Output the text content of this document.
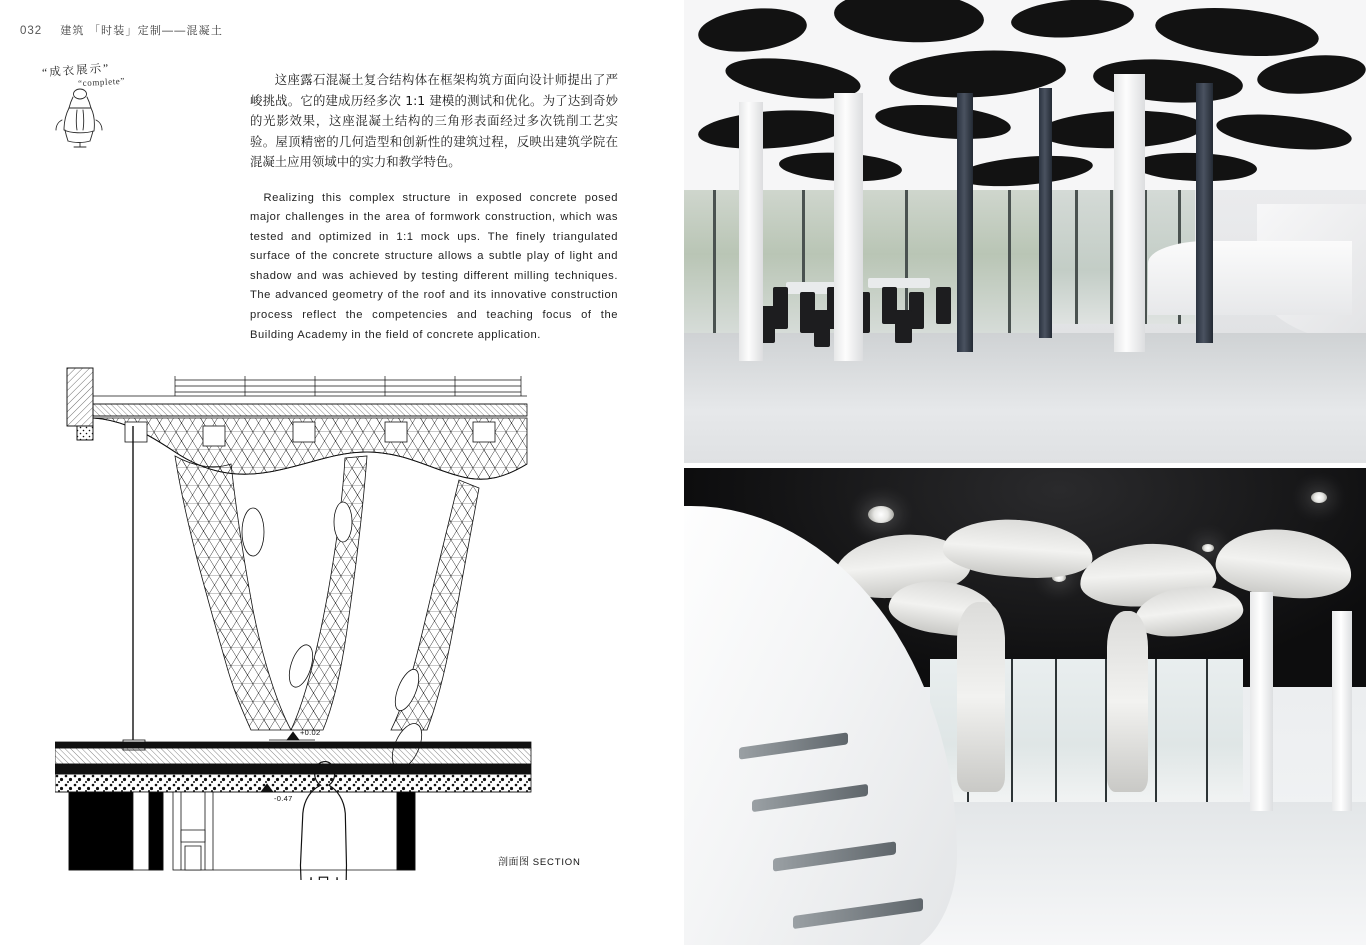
032 建筑 「时装」定制——混凝土
“成衣展示”
“complete”	这座露石混凝土复合结构体在框架构筑方面向设计师提出了严峻挑战。它的建成历经多次 1:1 建模的测试和优化。为了达到奇妙的光影效果，这座混凝土结构的三角形表面经过多次铣削工艺实验。屋顶精密的几何造型和创新性的建筑过程，反映出建筑学院在混凝土应用领域中的实力和教学特色。

Realizing this complex structure in exposed concrete posed major challenges in the area of formwork construction, which was tested and optimized in 1:1 mock ups. The finely triangulated surface of the concrete structure allows a subtle play of light and shadow and was achieved by testing different milling techniques. The advanced geometry of the roof and its innovative construction process reflect the competencies and teaching focus of the Building Academy in the field of concrete application.

+0.02
-0.47
剖面图 SECTION
